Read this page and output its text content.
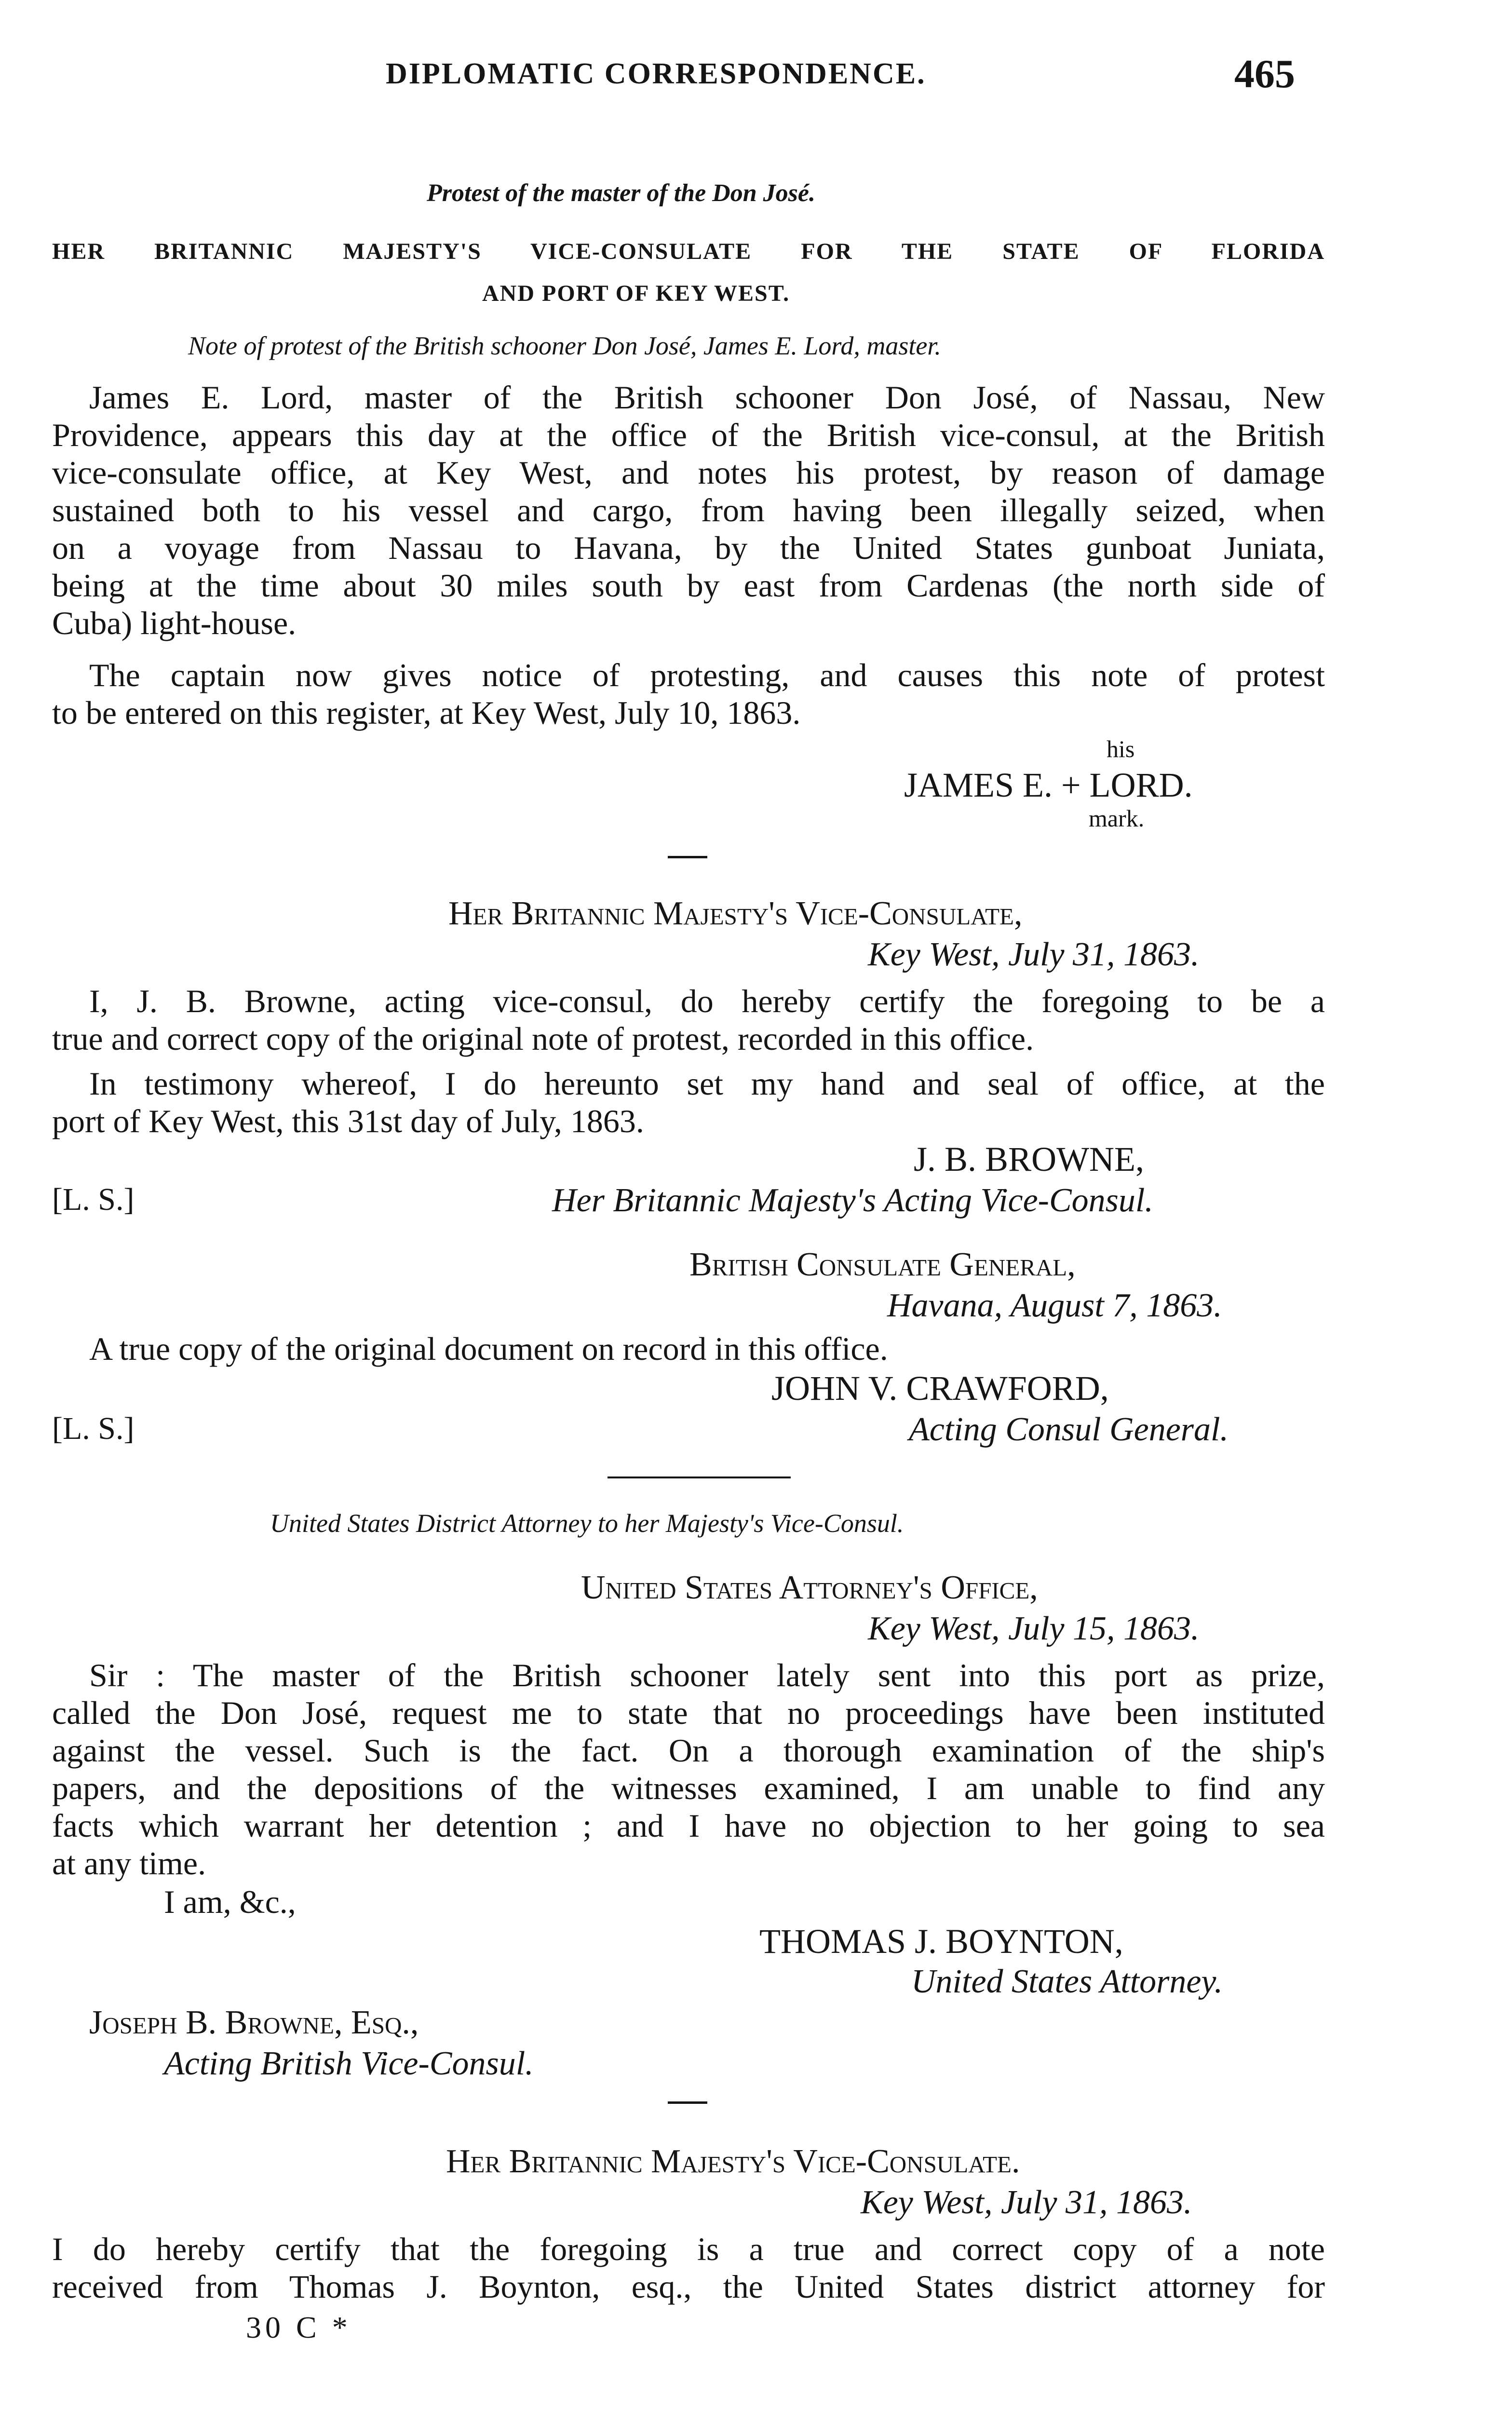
DIPLOMATIC CORRESPONDENCE.	465
Protest of the master of the Don José.
HER BRITANNIC MAJESTY'S VICE-CONSULATE FOR THE STATE OF FLORIDA
AND PORT OF KEY WEST.
Note of protest of the British schooner Don José, James E. Lord, master.
James E. Lord, master of the British schooner Don José, of Nassau, New
Providence, appears this day at the office of the British vice-consul, at the British
vice-consulate office, at Key West, and notes his protest, by reason of damage
sustained both to his vessel and cargo, from having been illegally seized, when
on a voyage from Nassau to Havana, by the United States gunboat Juniata,
being at the time about 30 miles south by east from Cardenas (the north side of
Cuba) light-house.
The captain now gives notice of protesting, and causes this note of protest
to be entered on this register, at Key West, July 10, 1863.
his
JAMES E. + LORD.
mark.
Her Britannic Majesty's Vice-Consulate,
Key West, July 31, 1863.
I, J. B. Browne, acting vice-consul, do hereby certify the foregoing to be a
true and correct copy of the original note of protest, recorded in this office.
In testimony whereof, I do hereunto set my hand and seal of office, at the
port of Key West, this 31st day of July, 1863.
J. B. BROWNE,
[L. S.]	Her Britannic Majesty's Acting Vice-Consul.
British Consulate General,
Havana, August 7, 1863.
A true copy of the original document on record in this office.
JOHN V. CRAWFORD,
[L. S.]	Acting Consul General.
United States District Attorney to her Majesty's Vice-Consul.
United States Attorney's Office,
Key West, July 15, 1863.
Sir : The master of the British schooner lately sent into this port as prize,
called the Don José, request me to state that no proceedings have been instituted
against the vessel. Such is the fact. On a thorough examination of the ship's
papers, and the depositions of the witnesses examined, I am unable to find any
facts which warrant her detention ; and I have no objection to her going to sea
at any time.
I am, &c.,
THOMAS J. BOYNTON,
United States Attorney.
Joseph B. Browne, Esq.,
Acting British Vice-Consul.
Her Britannic Majesty's Vice-Consulate.
Key West, July 31, 1863.
I do hereby certify that the foregoing is a true and correct copy of a note
received from Thomas J. Boynton, esq., the United States district attorney for
30 C *
